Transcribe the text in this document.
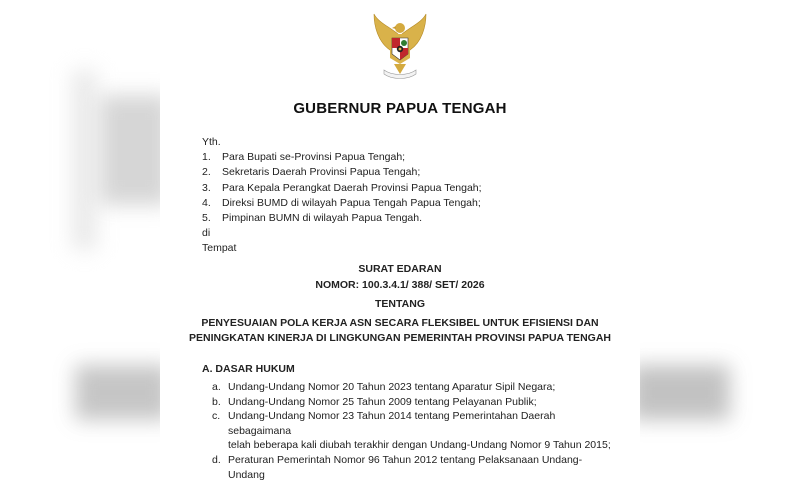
GUBERNUR PAPUA TENGAH
Yth.
1.	Para Bupati se-Provinsi Papua Tengah;
2.	Sekretaris Daerah Provinsi Papua Tengah;
3.	Para Kepala Perangkat Daerah Provinsi Papua Tengah;
4.	Direksi BUMD di wilayah Papua Tengah Papua Tengah;
5.	Pimpinan BUMN di wilayah Papua Tengah.
di
Tempat
SURAT EDARAN
NOMOR: 100.3.4.1/ 388/ SET/ 2026
TENTANG
PENYESUAIAN POLA KERJA ASN SECARA FLEKSIBEL UNTUK EFISIENSI DAN
PENINGKATAN KINERJA DI LINGKUNGAN PEMERINTAH PROVINSI PAPUA TENGAH
A. DASAR HUKUM
a. Undang-Undang Nomor 20 Tahun 2023 tentang Aparatur Sipil Negara;
b. Undang-Undang Nomor 25 Tahun 2009 tentang Pelayanan Publik;
c. Undang-Undang Nomor 23 Tahun 2014 tentang Pemerintahan Daerah sebagaimana
telah beberapa kali diubah terakhir dengan Undang-Undang Nomor 9 Tahun 2015;
d. Peraturan Pemerintah Nomor 96 Tahun 2012 tentang Pelaksanaan Undang-Undang
